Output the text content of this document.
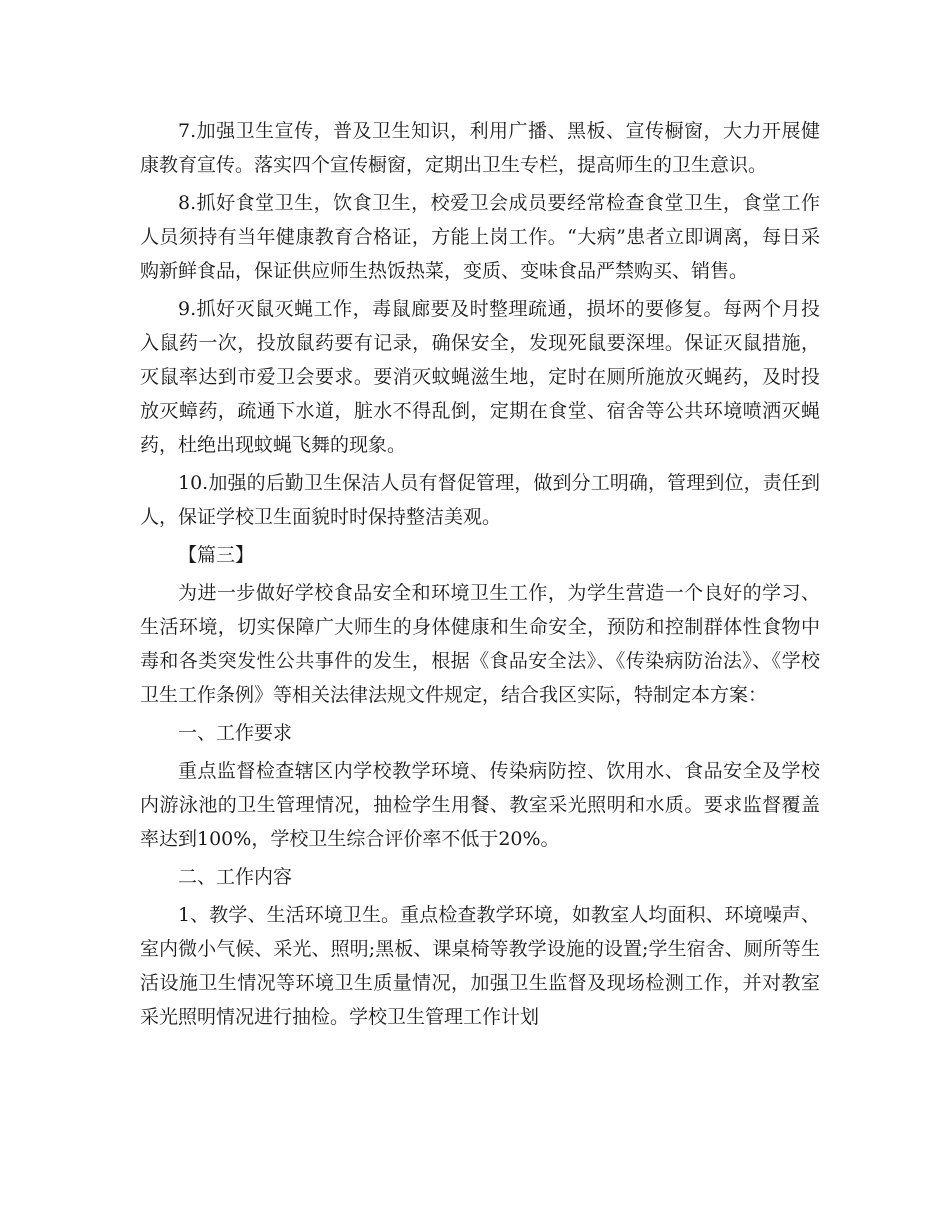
7.加强卫生宣传，普及卫生知识，利用广播、黑板、宣传橱窗，大力开展健康教育宣传。落实四个宣传橱窗，定期出卫生专栏，提高师生的卫生意识。

8.抓好食堂卫生，饮食卫生，校爱卫会成员要经常检查食堂卫生，食堂工作人员须持有当年健康教育合格证，方能上岗工作。“大病”患者立即调离，每日采购新鲜食品，保证供应师生热饭热菜，变质、变味食品严禁购买、销售。

9.抓好灭鼠灭蝇工作，毒鼠廊要及时整理疏通，损坏的要修复。每两个月投入鼠药一次，投放鼠药要有记录，确保安全，发现死鼠要深埋。保证灭鼠措施，灭鼠率达到市爱卫会要求。要消灭蚊蝇滋生地，定时在厕所施放灭蝇药，及时投放灭蟑药，疏通下水道，脏水不得乱倒，定期在食堂、宿舍等公共环境喷洒灭蝇药，杜绝出现蚊蝇飞舞的现象。

10.加强的后勤卫生保洁人员有督促管理，做到分工明确，管理到位，责任到人，保证学校卫生面貌时时保持整洁美观。

【篇三】

为进一步做好学校食品安全和环境卫生工作，为学生营造一个良好的学习、生活环境，切实保障广大师生的身体健康和生命安全，预防和控制群体性食物中毒和各类突发性公共事件的发生，根据《食品安全法》、《传染病防治法》、《学校卫生工作条例》等相关法律法规文件规定，结合我区实际，特制定本方案：

一、工作要求

重点监督检查辖区内学校教学环境、传染病防控、饮用水、食品安全及学校内游泳池的卫生管理情况，抽检学生用餐、教室采光照明和水质。要求监督覆盖率达到100%，学校卫生综合评价率不低于20%。

二、工作内容

1、教学、生活环境卫生。重点检查教学环境，如教室人均面积、环境噪声、室内微小气候、采光、照明;黑板、课桌椅等教学设施的设置;学生宿舍、厕所等生活设施卫生情况等环境卫生质量情况，加强卫生监督及现场检测工作，并对教室采光照明情况进行抽检。学校卫生管理工作计划
